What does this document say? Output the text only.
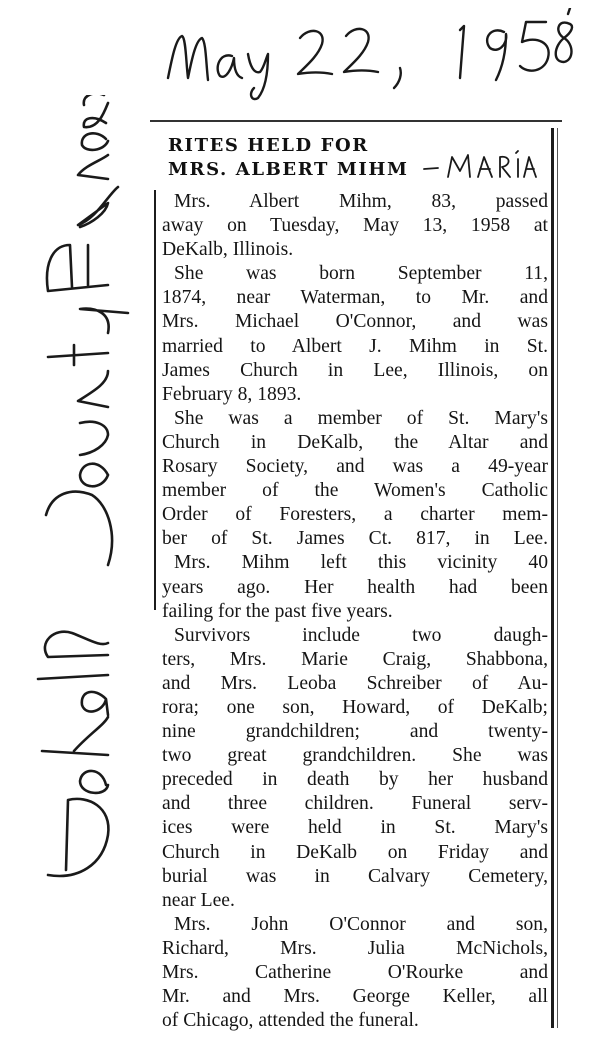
RITES HELD FOR
MRS. ALBERT MIHM

Mrs. Albert Mihm, 83, passed
away on Tuesday, May 13, 1958 at
DeKalb, Illinois.

She was born September 11,
1874, near Waterman, to Mr. and
Mrs. Michael O'Connor, and was
married to Albert J. Mihm in St.
James Church in Lee, Illinois, on
February 8, 1893.

She was a member of St. Mary's
Church in DeKalb, the Altar and
Rosary Society, and was a 49-year
member of the Women's Catholic
Order of Foresters, a charter mem-
ber of St. James Ct. 817, in Lee.

Mrs. Mihm left this vicinity 40
years ago. Her health had been
failing for the past five years.

Survivors include two daugh-
ters, Mrs. Marie Craig, Shabbona,
and Mrs. Leoba Schreiber of Au-
rora; one son, Howard, of DeKalb;
nine grandchildren; and twenty-
two great grandchildren. She was
preceded in death by her husband
and three children. Funeral serv-
ices were held in St. Mary's
Church in DeKalb on Friday and
burial was in Calvary Cemetery,
near Lee.

Mrs. John O'Connor and son,
Richard, Mrs. Julia McNichols,
Mrs. Catherine O'Rourke and
Mr. and Mrs. George Keller, all
of Chicago, attended the funeral.
